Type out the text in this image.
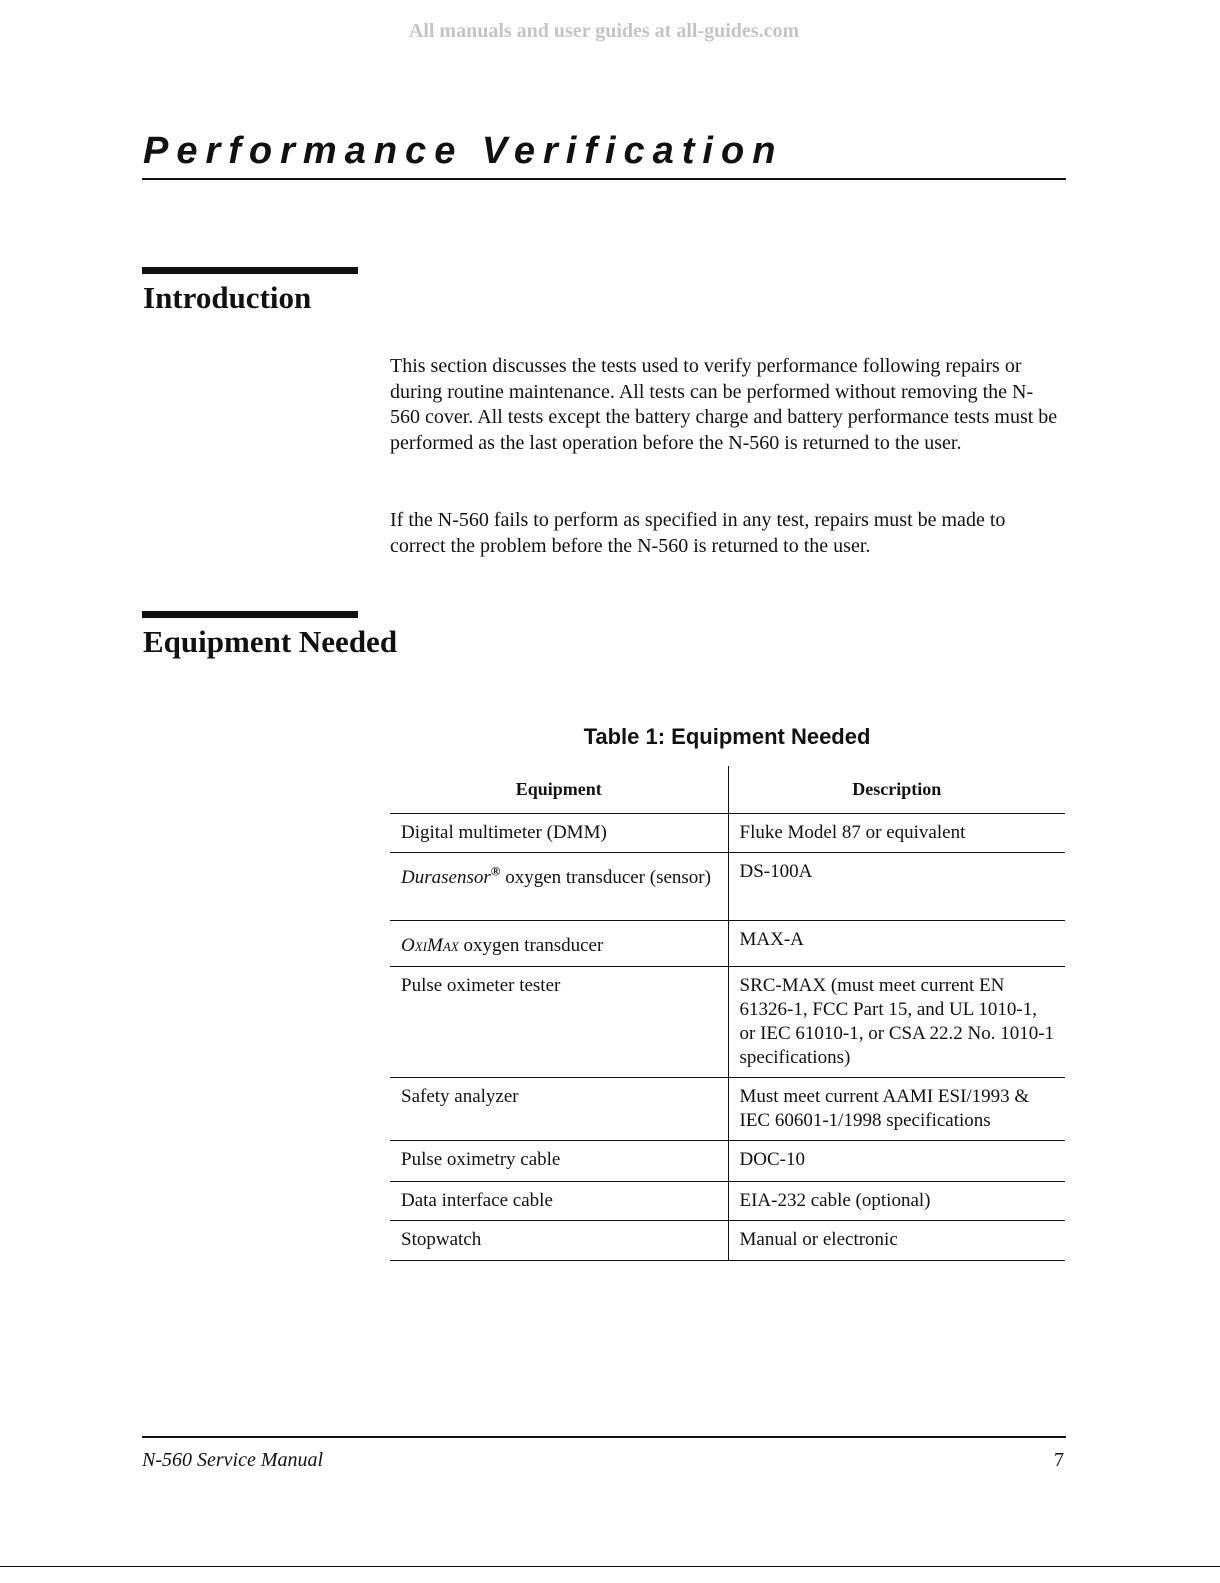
All manuals and user guides at all-guides.com
Performance Verification
Introduction

This section discusses the tests used to verify performance following repairs or during routine maintenance. All tests can be performed without removing the N-560 cover. All tests except the battery charge and battery performance tests must be performed as the last operation before the N-560 is returned to the user.

If the N-560 fails to perform as specified in any test, repairs must be made to correct the problem before the N-560 is returned to the user.

Equipment Needed
Table 1: Equipment Needed
Equipment	Description
Digital multimeter (DMM)	Fluke Model 87 or equivalent

Durasensor® oxygen transducer (sensor)	DS-100A

OXIMAX oxygen transducer	MAX-A
Pulse oximeter tester	SRC-MAX (must meet current EN 61326-1, FCC Part 15, and UL 1010-1, or IEC 61010-1, or CSA 22.2 No. 1010-1 specifications)
Safety analyzer	Must meet current AAMI ESI/1993 & IEC 60601-1/1998 specifications
Pulse oximetry cable	DOC-10
Data interface cable	EIA-232 cable (optional)
Stopwatch	Manual or electronic
N-560 Service Manual	7
